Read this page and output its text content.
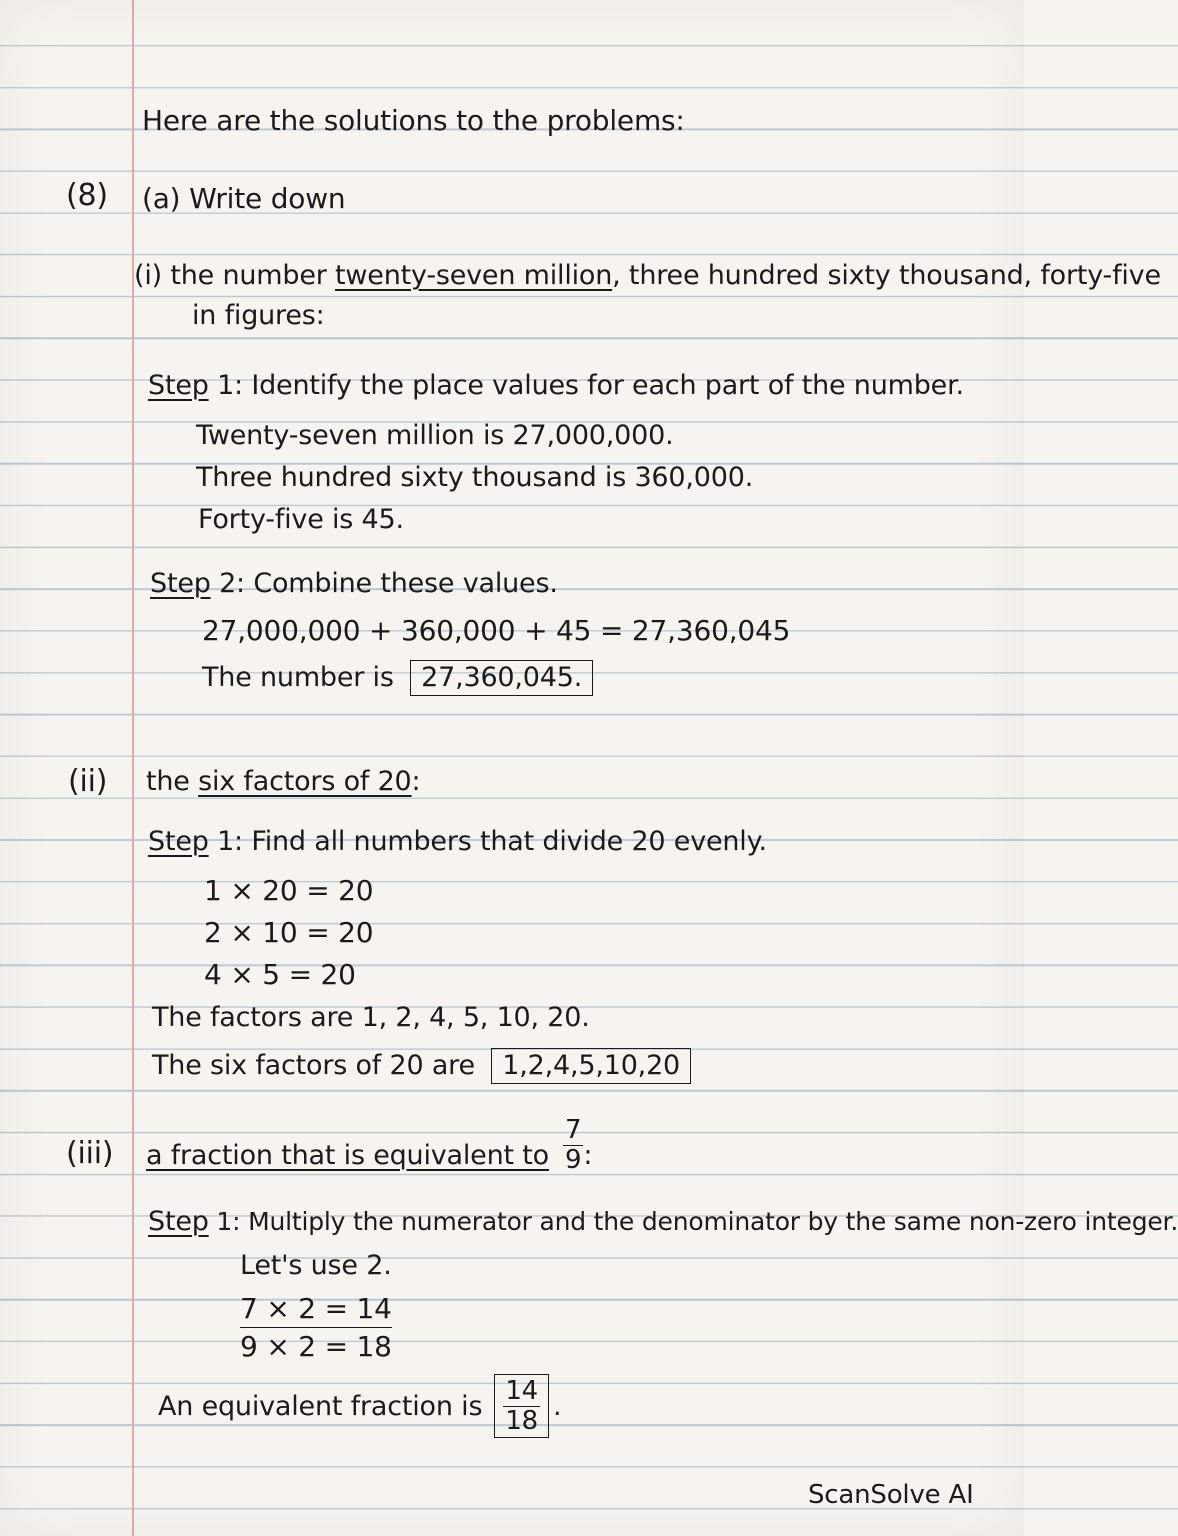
Here are the solutions to the problems:
(8) (a) Write down
(i) the number twenty-seven million, three hundred sixty thousand, forty-five
in figures:
Step 1: Identify the place values for each part of the number.
Twenty-seven million is 27,000,000.
Three hundred sixty thousand is 360,000.
Forty-five is 45.
Step 2: Combine these values.
27,000,000 + 360,000 + 45 = 27,360,045
The number is 27,360,045.
(ii) the six factors of 20:
Step 1: Find all numbers that divide 20 evenly.
1 × 20 = 20
2 × 10 = 20
4 × 5 = 20
The factors are 1, 2, 4, 5, 10, 20.
The six factors of 20 are 1,2,4,5,10,20
(iii) a fraction that is equivalent to $\frac{7}{9}$ :
Step 1: Multiply the numerator and the denominator by the same non-zero integer.
Let's use 2.
$\frac{7 \times 2 = 14}{9 \times 2 = 18}$
An equivalent fraction is $\frac{14}{18}$ .
ScanSolve AI
